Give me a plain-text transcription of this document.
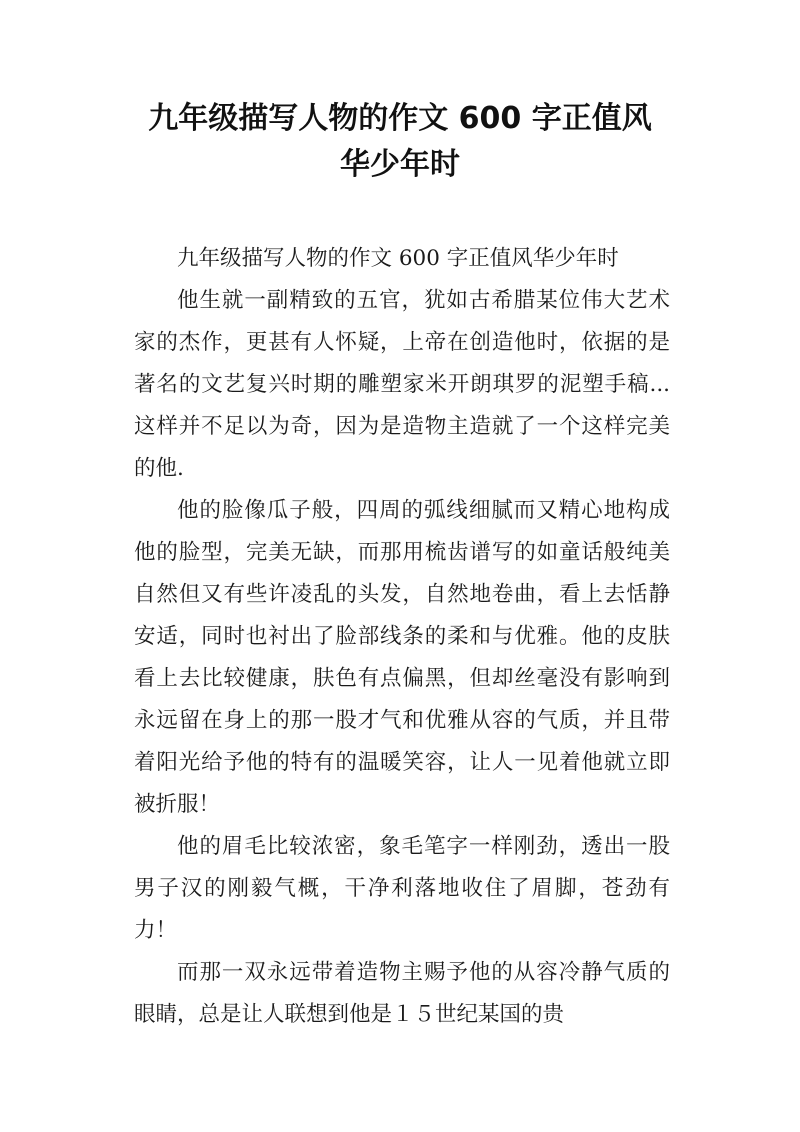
九年级描写人物的作文 600 字正值风
华少年时

九年级描写人物的作文 600 字正值风华少年时

他生就一副精致的五官，犹如古希腊某位伟大艺术家的杰作，更甚有人怀疑，上帝在创造他时，依据的是著名的文艺复兴时期的雕塑家米开朗琪罗的泥塑手稿... 这样并不足以为奇，因为是造物主造就了一个这样完美的他.

他的脸像瓜子般，四周的弧线细腻而又精心地构成他的脸型，完美无缺，而那用梳齿谱写的如童话般纯美自然但又有些许凌乱的头发，自然地卷曲，看上去恬静安适，同时也衬出了脸部线条的柔和与优雅。他的皮肤看上去比较健康，肤色有点偏黑，但却丝毫没有影响到永远留在身上的那一股才气和优雅从容的气质，并且带着阳光给予他的特有的温暖笑容，让人一见着他就立即被折服！

他的眉毛比较浓密，象毛笔字一样刚劲，透出一股男子汉的刚毅气概，干净利落地收住了眉脚，苍劲有力！

而那一双永远带着造物主赐予他的从容冷静气质的眼睛，总是让人联想到他是１５世纪某国的贵
